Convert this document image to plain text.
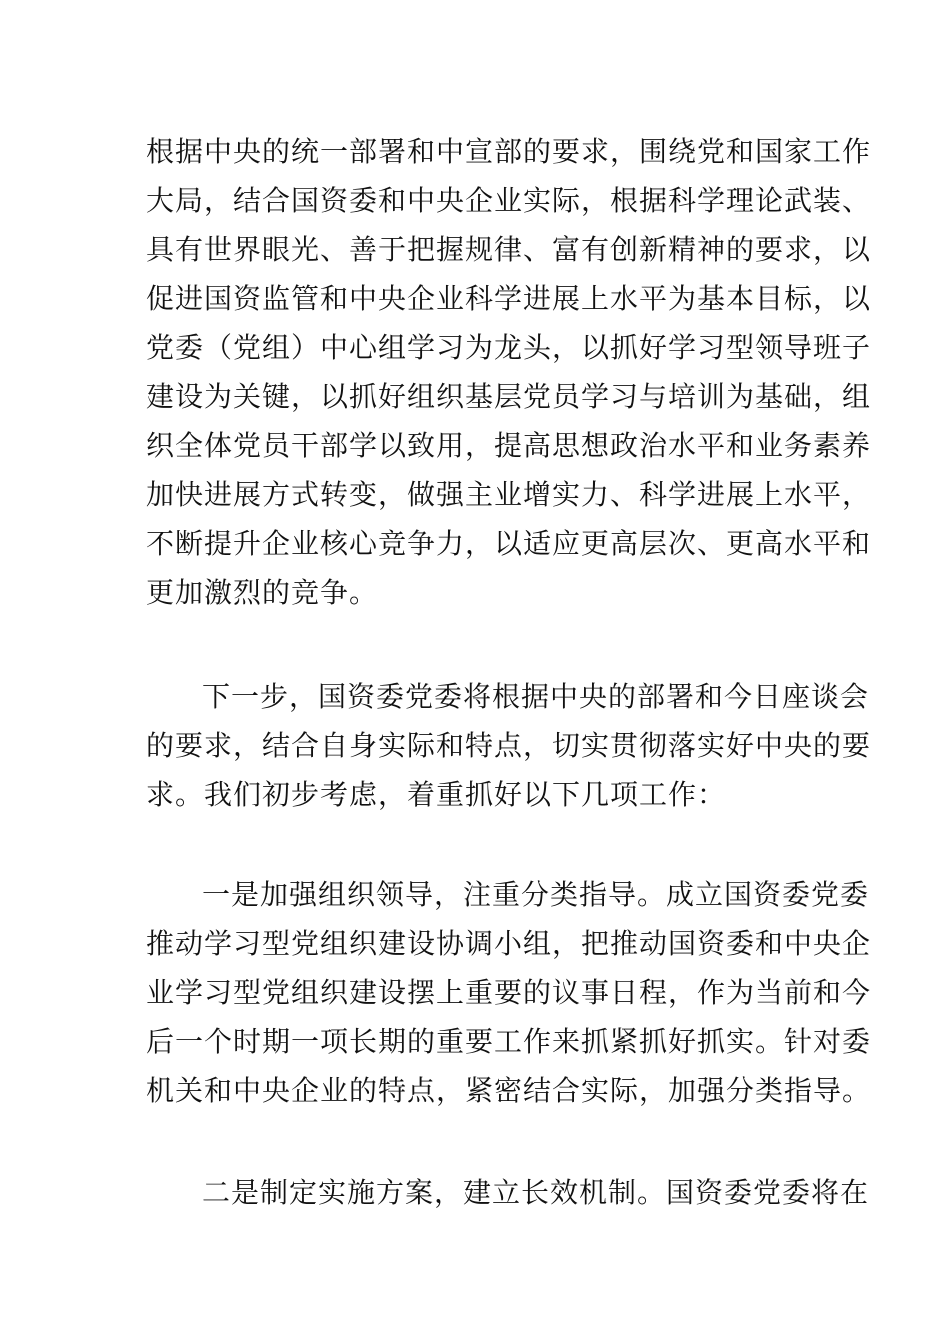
根据中央的统一部署和中宣部的要求，围绕党和国家工作
大局，结合国资委和中央企业实际，根据科学理论武装、
具有世界眼光、善于把握规律、富有创新精神的要求，以
促进国资监管和中央企业科学进展上水平为基本目标，以
党委（党组）中心组学习为龙头，以抓好学习型领导班子
建设为关键，以抓好组织基层党员学习与培训为基础，组
织全体党员干部学以致用，提高思想政治水平和业务素养
加快进展方式转变，做强主业增实力、科学进展上水平，
不断提升企业核心竞争力，以适应更高层次、更高水平和
更加激烈的竞争。
下一步，国资委党委将根据中央的部署和今日座谈会
的要求，结合自身实际和特点，切实贯彻落实好中央的要
求。我们初步考虑，着重抓好以下几项工作：
一是加强组织领导，注重分类指导。成立国资委党委
推动学习型党组织建设协调小组，把推动国资委和中央企
业学习型党组织建设摆上重要的议事日程，作为当前和今
后一个时期一项长期的重要工作来抓紧抓好抓实。针对委
机关和中央企业的特点，紧密结合实际，加强分类指导。
二是制定实施方案，建立长效机制。国资委党委将在
